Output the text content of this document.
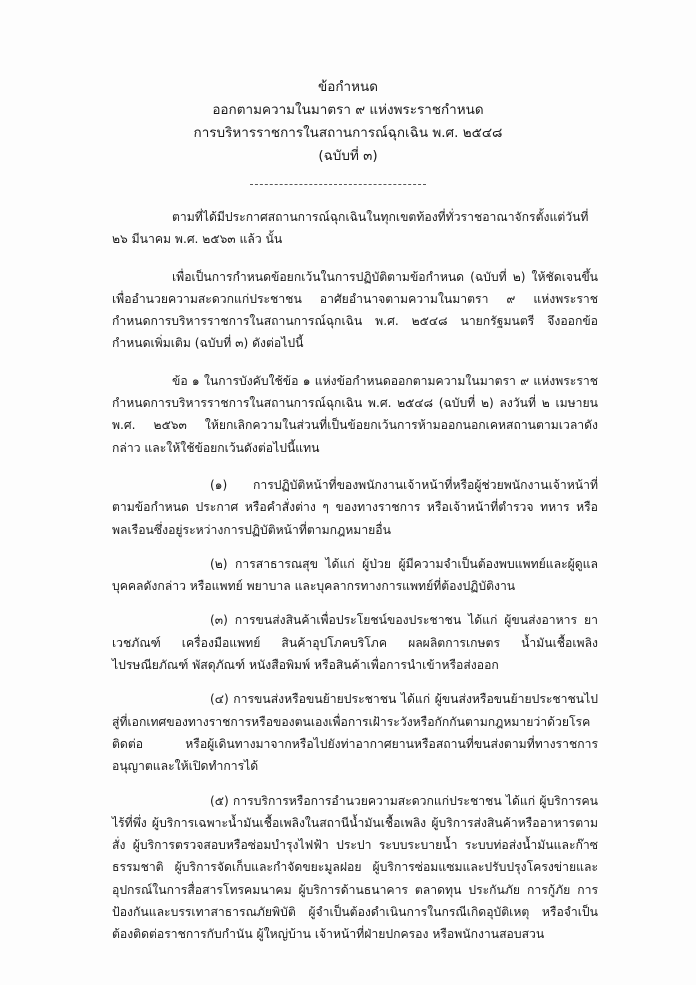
ข้อกำหนด
ออกตามความในมาตรา ๙ แห่งพระราชกำหนด
การบริหารราชการในสถานการณ์ฉุกเฉิน พ.ศ. ๒๕๔๘
(ฉบับที่ ๓)

ตามที่ได้มีประกาศสถานการณ์ฉุกเฉินในทุกเขตท้องที่ทั่วราชอาณาจักรตั้งแต่วันที่ ๒๖ มีนาคม พ.ศ. ๒๕๖๓ แล้ว นั้น

เพื่อเป็นการกำหนดข้อยกเว้นในการปฏิบัติตามข้อกำหนด (ฉบับที่ ๒) ให้ชัดเจนขึ้น เพื่ออำนวยความสะดวกแก่ประชาชน อาศัยอำนาจตามความในมาตรา ๙ แห่งพระราชกำหนดการบริหารราชการในสถานการณ์ฉุกเฉิน พ.ศ. ๒๕๔๘ นายกรัฐมนตรี จึงออกข้อกำหนดเพิ่มเติม (ฉบับที่ ๓) ดังต่อไปนี้

ข้อ ๑ ในการบังคับใช้ข้อ ๑ แห่งข้อกำหนดออกตามความในมาตรา ๙ แห่งพระราชกำหนดการบริหารราชการในสถานการณ์ฉุกเฉิน พ.ศ. ๒๕๔๘ (ฉบับที่ ๒) ลงวันที่ ๒ เมษายน พ.ศ. ๒๕๖๓ ให้ยกเลิกความในส่วนที่เป็นข้อยกเว้นการห้ามออกนอกเคหสถานตามเวลาดังกล่าว และให้ใช้ข้อยกเว้นดังต่อไปนี้แทน

(๑) การปฏิบัติหน้าที่ของพนักงานเจ้าหน้าที่หรือผู้ช่วยพนักงานเจ้าหน้าที่ตามข้อกำหนด ประกาศ หรือคำสั่งต่าง ๆ ของทางราชการ หรือเจ้าหน้าที่ตำรวจ ทหาร หรือพลเรือนซึ่งอยู่ระหว่างการปฏิบัติหน้าที่ตามกฎหมายอื่น

(๒) การสาธารณสุข ได้แก่ ผู้ป่วย ผู้มีความจำเป็นต้องพบแพทย์และผู้ดูแลบุคคลดังกล่าว หรือแพทย์ พยาบาล และบุคลากรทางการแพทย์ที่ต้องปฏิบัติงาน

(๓) การขนส่งสินค้าเพื่อประโยชน์ของประชาชน ได้แก่ ผู้ขนส่งอาหาร ยา เวชภัณฑ์ เครื่องมือแพทย์ สินค้าอุปโภคบริโภค ผลผลิตการเกษตร น้ำมันเชื้อเพลิง ไปรษณียภัณฑ์ พัสดุภัณฑ์ หนังสือพิมพ์ หรือสินค้าเพื่อการนำเข้าหรือส่งออก

(๔) การขนส่งหรือขนย้ายประชาชน ได้แก่ ผู้ขนส่งหรือขนย้ายประชาชนไปสู่ที่เอกเทศของทางราชการหรือของตนเองเพื่อการเฝ้าระวังหรือกักกันตามกฎหมายว่าด้วยโรคติดต่อ หรือผู้เดินทางมาจากหรือไปยังท่าอากาศยานหรือสถานที่ขนส่งตามที่ทางราชการอนุญาตและให้เปิดทำการได้

(๕) การบริการหรือการอำนวยความสะดวกแก่ประชาชน ได้แก่ ผู้บริการคนไร้ที่พึ่ง ผู้บริการเฉพาะน้ำมันเชื้อเพลิงในสถานีน้ำมันเชื้อเพลิง ผู้บริการส่งสินค้าหรืออาหารตามสั่ง ผู้บริการตรวจสอบหรือซ่อมบำรุงไฟฟ้า ประปา ระบบระบายน้ำ ระบบท่อส่งน้ำมันและก๊าซธรรมชาติ ผู้บริการจัดเก็บและกำจัดขยะมูลฝอย ผู้บริการซ่อมแซมและปรับปรุงโครงข่ายและอุปกรณ์ในการสื่อสารโทรคมนาคม ผู้บริการด้านธนาคาร ตลาดทุน ประกันภัย การกู้ภัย การป้องกันและบรรเทาสาธารณภัยพิบัติ ผู้จำเป็นต้องดำเนินการในกรณีเกิดอุบัติเหตุ หรือจำเป็นต้องติดต่อราชการกับกำนัน ผู้ใหญ่บ้าน เจ้าหน้าที่ฝ่ายปกครอง หรือพนักงานสอบสวน
